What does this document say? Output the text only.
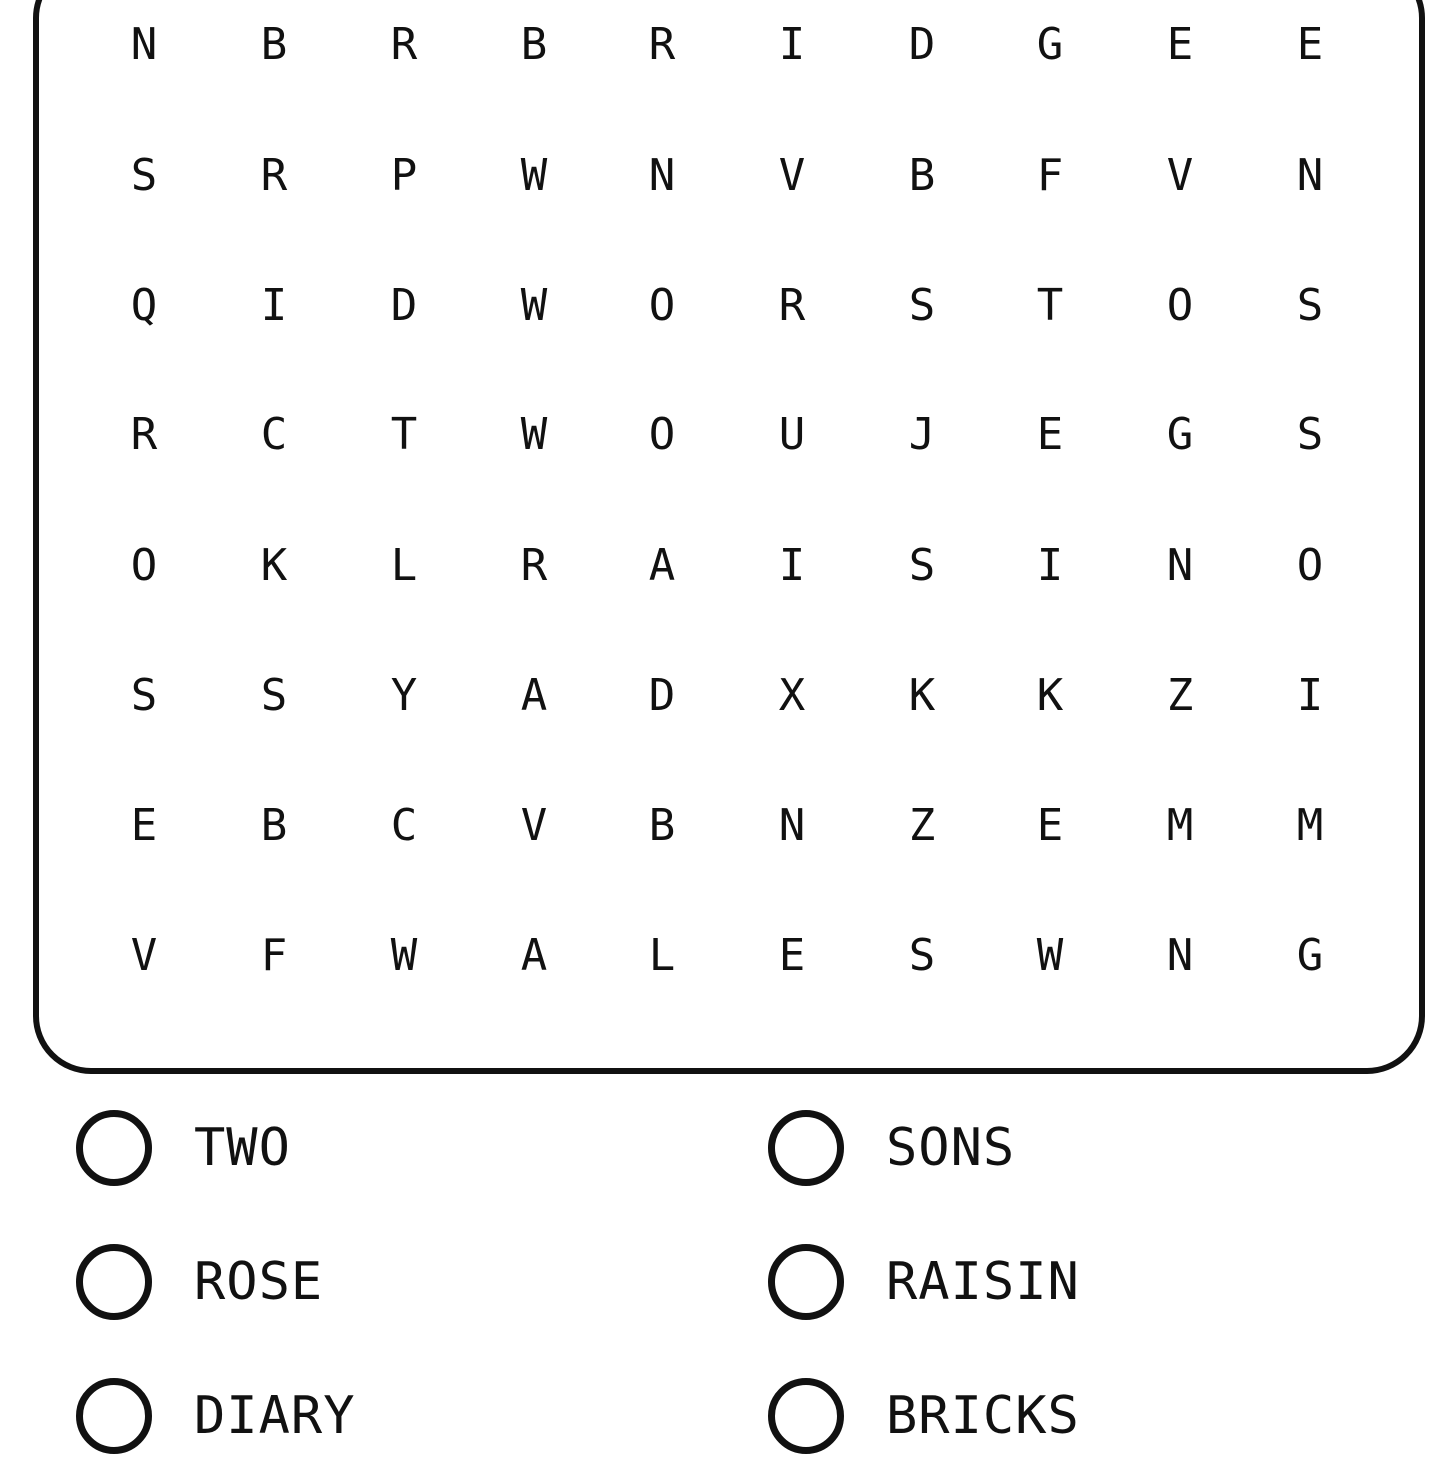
N	B	R	B	R	I	D	G	E	E
S	R	P	W	N	V	B	F	V	N
Q	I	D	W	O	R	S	T	O	S
R	C	T	W	O	U	J	E	G	S
O	K	L	R	A	I	S	I	N	O
S	S	Y	A	D	X	K	K	Z	I
E	B	C	V	B	N	Z	E	M	M
V	F	W	A	L	E	S	W	N	G
TWO	SONS
ROSE	RAISIN
DIARY	BRICKS
